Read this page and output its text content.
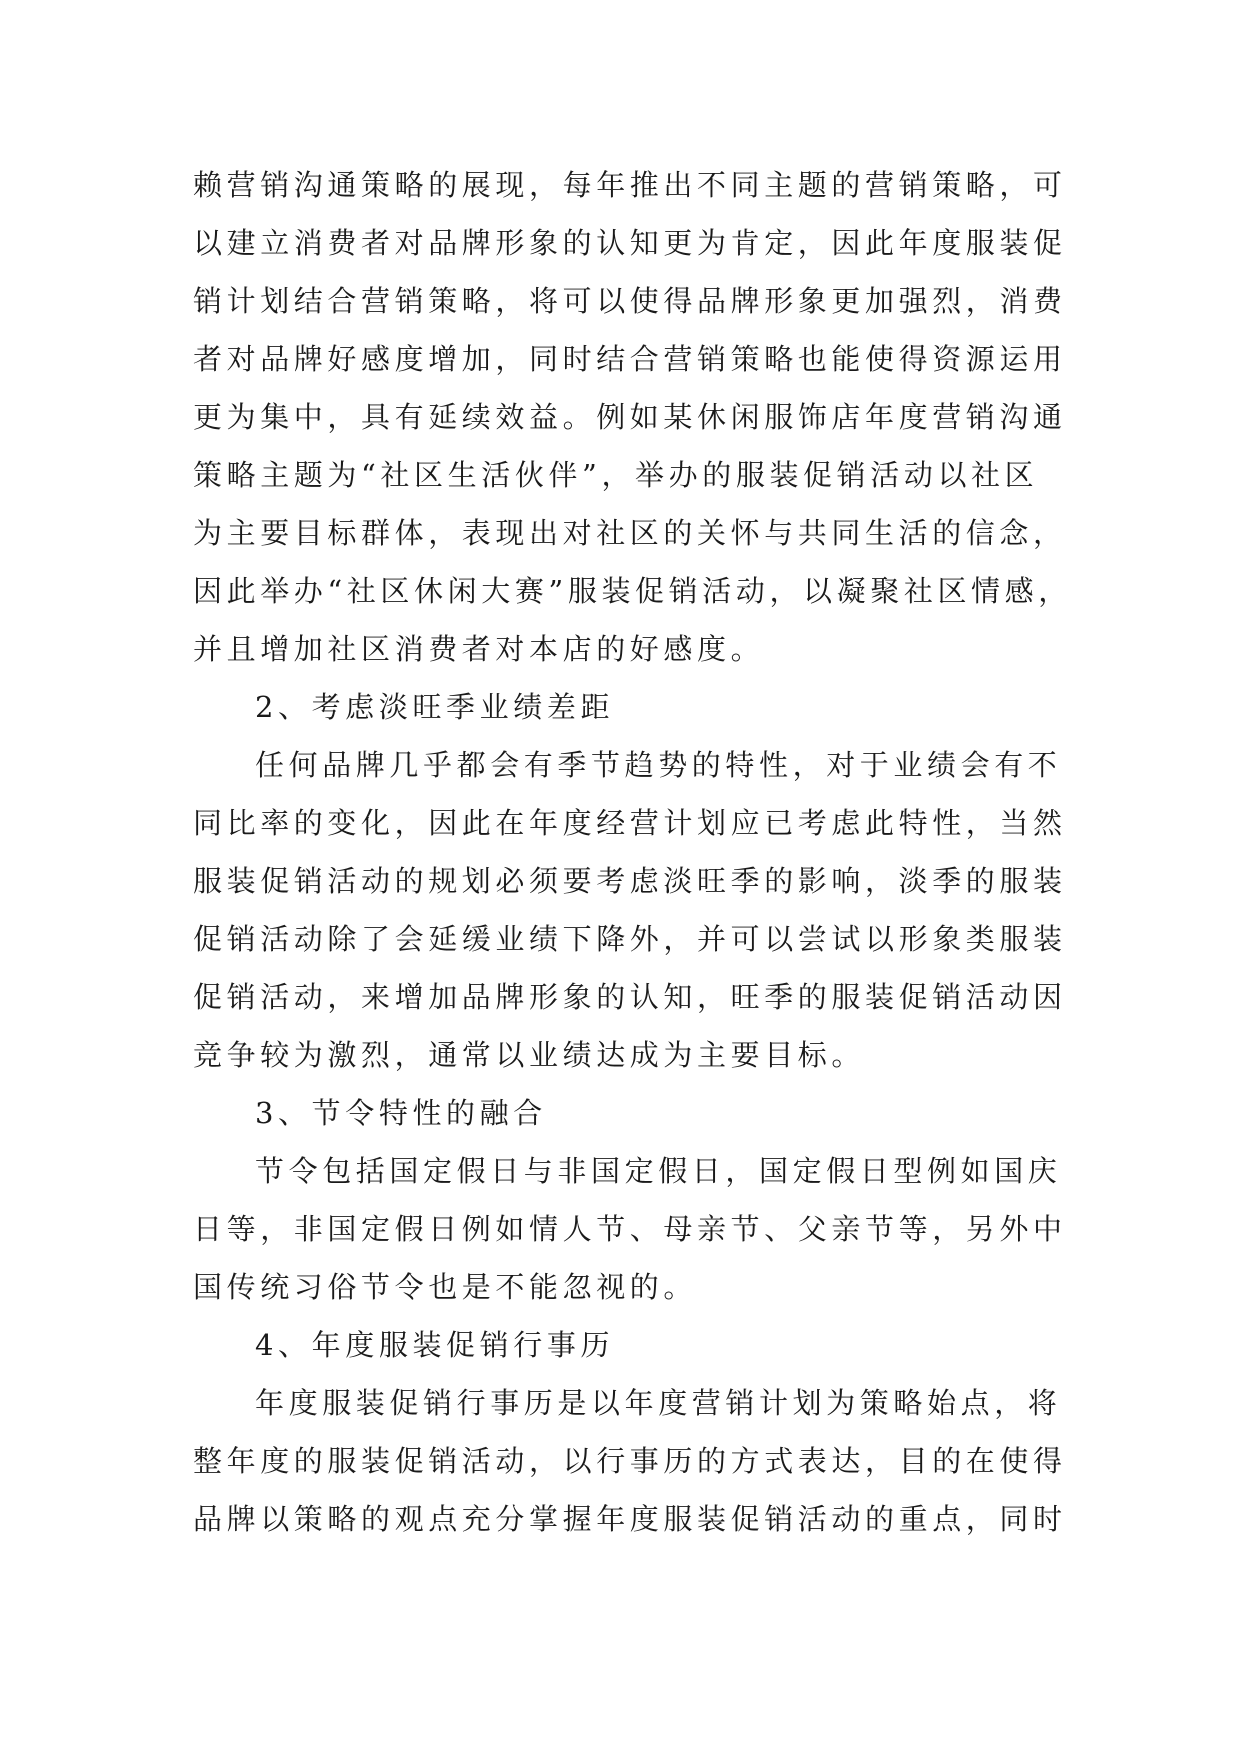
赖营销沟通策略的展现，每年推出不同主题的营销策略，可
以建立消费者对品牌形象的认知更为肯定，因此年度服装促
销计划结合营销策略，将可以使得品牌形象更加强烈，消费
者对品牌好感度增加，同时结合营销策略也能使得资源运用
更为集中，具有延续效益。例如某休闲服饰店年度营销沟通
策略主题为“社区生活伙伴”，举办的服装促销活动以社区
为主要目标群体，表现出对社区的关怀与共同生活的信念，
因此举办“社区休闲大赛”服装促销活动，以凝聚社区情感，
并且增加社区消费者对本店的好感度。
2、考虑淡旺季业绩差距
任何品牌几乎都会有季节趋势的特性，对于业绩会有不
同比率的变化，因此在年度经营计划应已考虑此特性，当然
服装促销活动的规划必须要考虑淡旺季的影响，淡季的服装
促销活动除了会延缓业绩下降外，并可以尝试以形象类服装
促销活动，来增加品牌形象的认知，旺季的服装促销活动因
竞争较为激烈，通常以业绩达成为主要目标。
3、节令特性的融合
节令包括国定假日与非国定假日，国定假日型例如国庆
日等，非国定假日例如情人节、母亲节、父亲节等，另外中
国传统习俗节令也是不能忽视的。
4、年度服装促销行事历
年度服装促销行事历是以年度营销计划为策略始点，将
整年度的服装促销活动，以行事历的方式表达，目的在使得
品牌以策略的观点充分掌握年度服装促销活动的重点，同时
